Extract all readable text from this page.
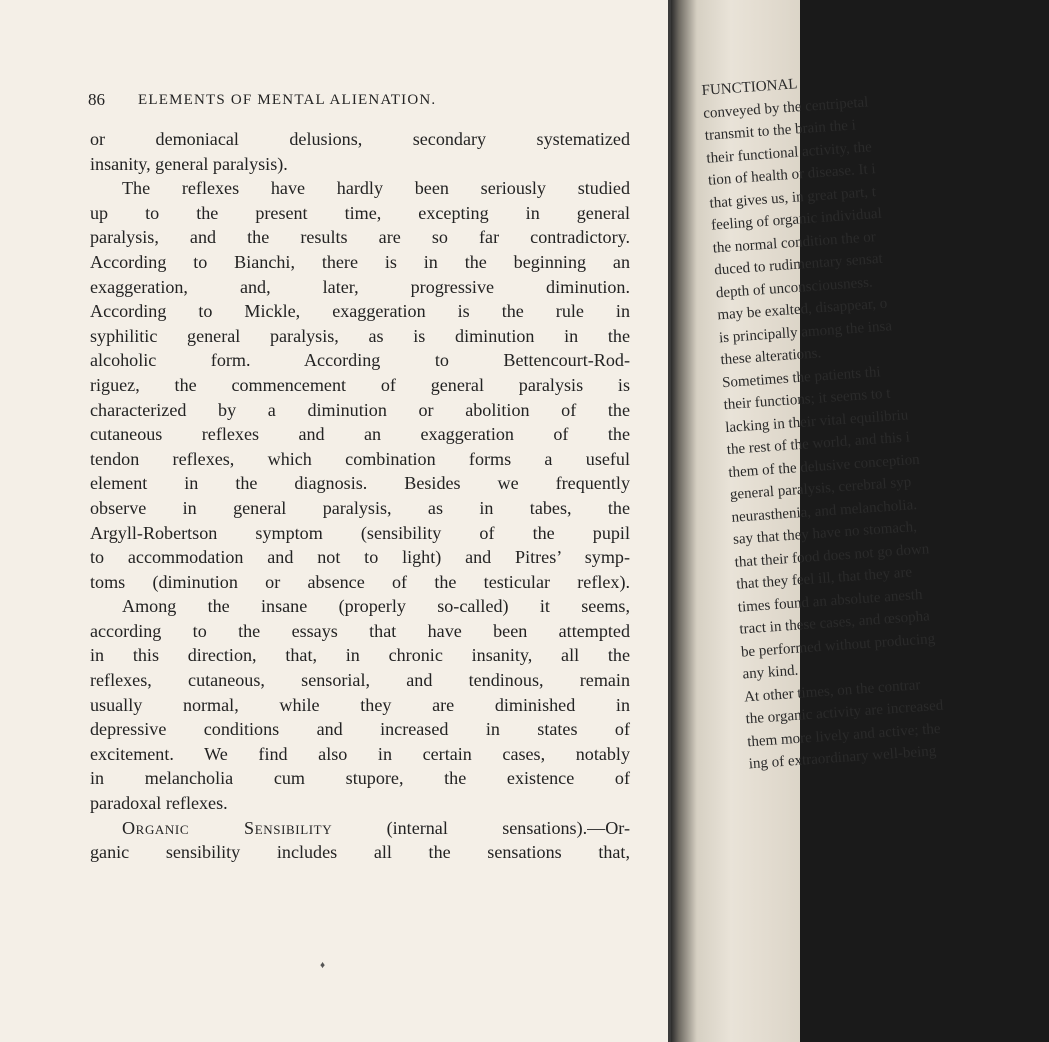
86 ELEMENTS OF MENTAL ALIENATION.
or demoniacal delusions, secondary systematized
insanity, general paralysis).
The reflexes have hardly been seriously studied
up to the present time, excepting in general
paralysis, and the results are so far contradictory.
According to Bianchi, there is in the beginning an
exaggeration, and, later, progressive diminution.
According to Mickle, exaggeration is the rule in
syphilitic general paralysis, as is diminution in the
alcoholic form. According to Bettencourt-Rod-
riguez, the commencement of general paralysis is
characterized by a diminution or abolition of the
cutaneous reflexes and an exaggeration of the
tendon reflexes, which combination forms a useful
element in the diagnosis. Besides we frequently
observe in general paralysis, as in tabes, the
Argyll-Robertson symptom (sensibility of the pupil
to accommodation and not to light) and Pitres’ symp-
toms (diminution or absence of the testicular reflex).
Among the insane (properly so-called) it seems,
according to the essays that have been attempted
in this direction, that, in chronic insanity, all the
reflexes, cutaneous, sensorial, and tendinous, remain
usually normal, while they are diminished in
depressive conditions and increased in states of
excitement. We find also in certain cases, notably
in melancholia cum stupore, the existence of
paradoxal reflexes.
Organic Sensibility (internal sensations).—Or-
ganic sensibility includes all the sensations that,
♦
FUNCTIONAL
conveyed by the centripetal
transmit to the brain the i
their functional activity, the
tion of health or disease. It i
that gives us, in great part, t
feeling of organic individual
the normal condition the or
duced to rudimentary sensat
depth of unconsciousness.
may be exalted, disappear, o
is principally among the insa
these alterations.
Sometimes the patients thi
their functions; it seems to t
lacking in their vital equilibriu
the rest of the world, and this i
them of the delusive conception
general paralysis, cerebral syp
neurasthenia, and melancholia.
say that they have no stomach,
that their food does not go down
that they feel ill, that they are
times found an absolute anesth
tract in these cases, and œsopha
be performed without producing
any kind.
At other times, on the contrar
the organic activity are increased
them more lively and active; the
ing of extraordinary well-being
